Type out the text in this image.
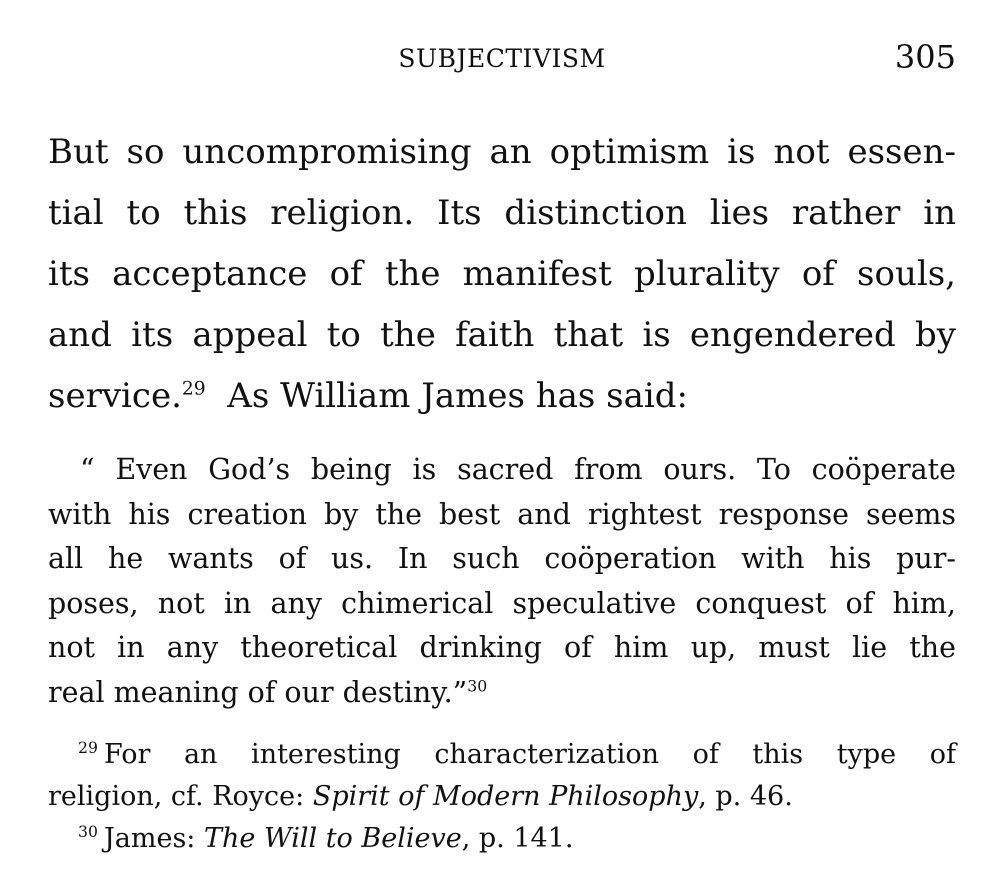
SUBJECTIVISM	305
But so uncompromising an optimism is not essen-
tial to this religion. Its distinction lies rather in
its acceptance of the manifest plurality of souls,
and its appeal to the faith that is engendered by
service.$^{29}$  As William James has said:
“ Even God’s being is sacred from ours. To coöperate
with his creation by the best and rightest response seems
all he wants of us. In such coöperation with his pur-
poses, not in any chimerical speculative conquest of him,
not in any theoretical drinking of him up, must lie the
real meaning of our destiny.”$^{30}$
$^{29}$ For an interesting characterization of this type of
religion, cf. Royce: Spirit of Modern Philosophy, p. 46.
$^{30}$ James: The Will to Believe, p. 141.
